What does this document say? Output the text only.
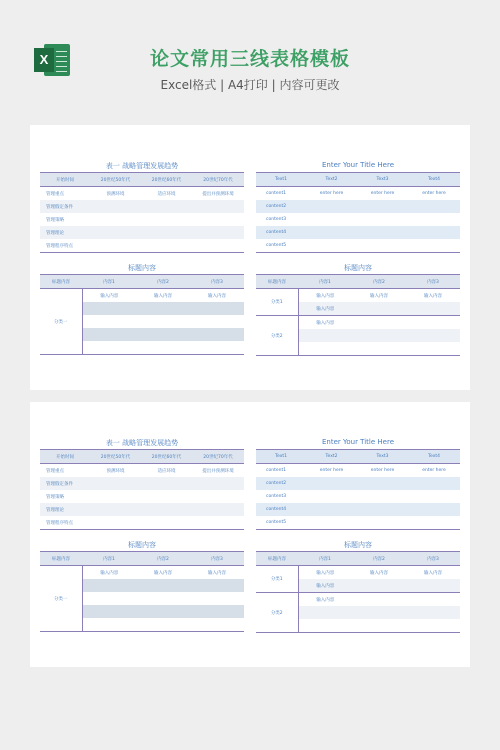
X	论文常用三线表格模板
Excel格式 | A4打印 | 内容可更改
表一 战略管理发展趋势
开始时间	20世纪50年代	20世纪60年代	20世纪70年代
管理重点	预测环境	适应环境	提出并预测环境
管理假定条件			
管理策略			
管理理论			
管理程序特点			
Enter Your Title Here
Text1	Text2	Text3	Text4
content1	enter here	enter here	enter here
content2			
content3			
content4			
content5			
标题内容
标题内容	内容1	内容2	内容3
分类一	输入内容	输入内容	输入内容

标题内容
标题内容	内容1	内容2	内容3
分类1	输入内容	输入内容	输入内容
	输入内容		
分类2	输入内容		

表一 战略管理发展趋势
开始时间	20世纪50年代	20世纪60年代	20世纪70年代
管理重点	预测环境	适应环境	提出并预测环境
管理假定条件			
管理策略			
管理理论			
管理程序特点			
Enter Your Title Here
Text1	Text2	Text3	Text4
content1	enter here	enter here	enter here
content2			
content3			
content4			
content5			
标题内容
标题内容	内容1	内容2	内容3
分类一	输入内容	输入内容	输入内容

标题内容
标题内容	内容1	内容2	内容3
分类1	输入内容	输入内容	输入内容
	输入内容		
分类2	输入内容		
